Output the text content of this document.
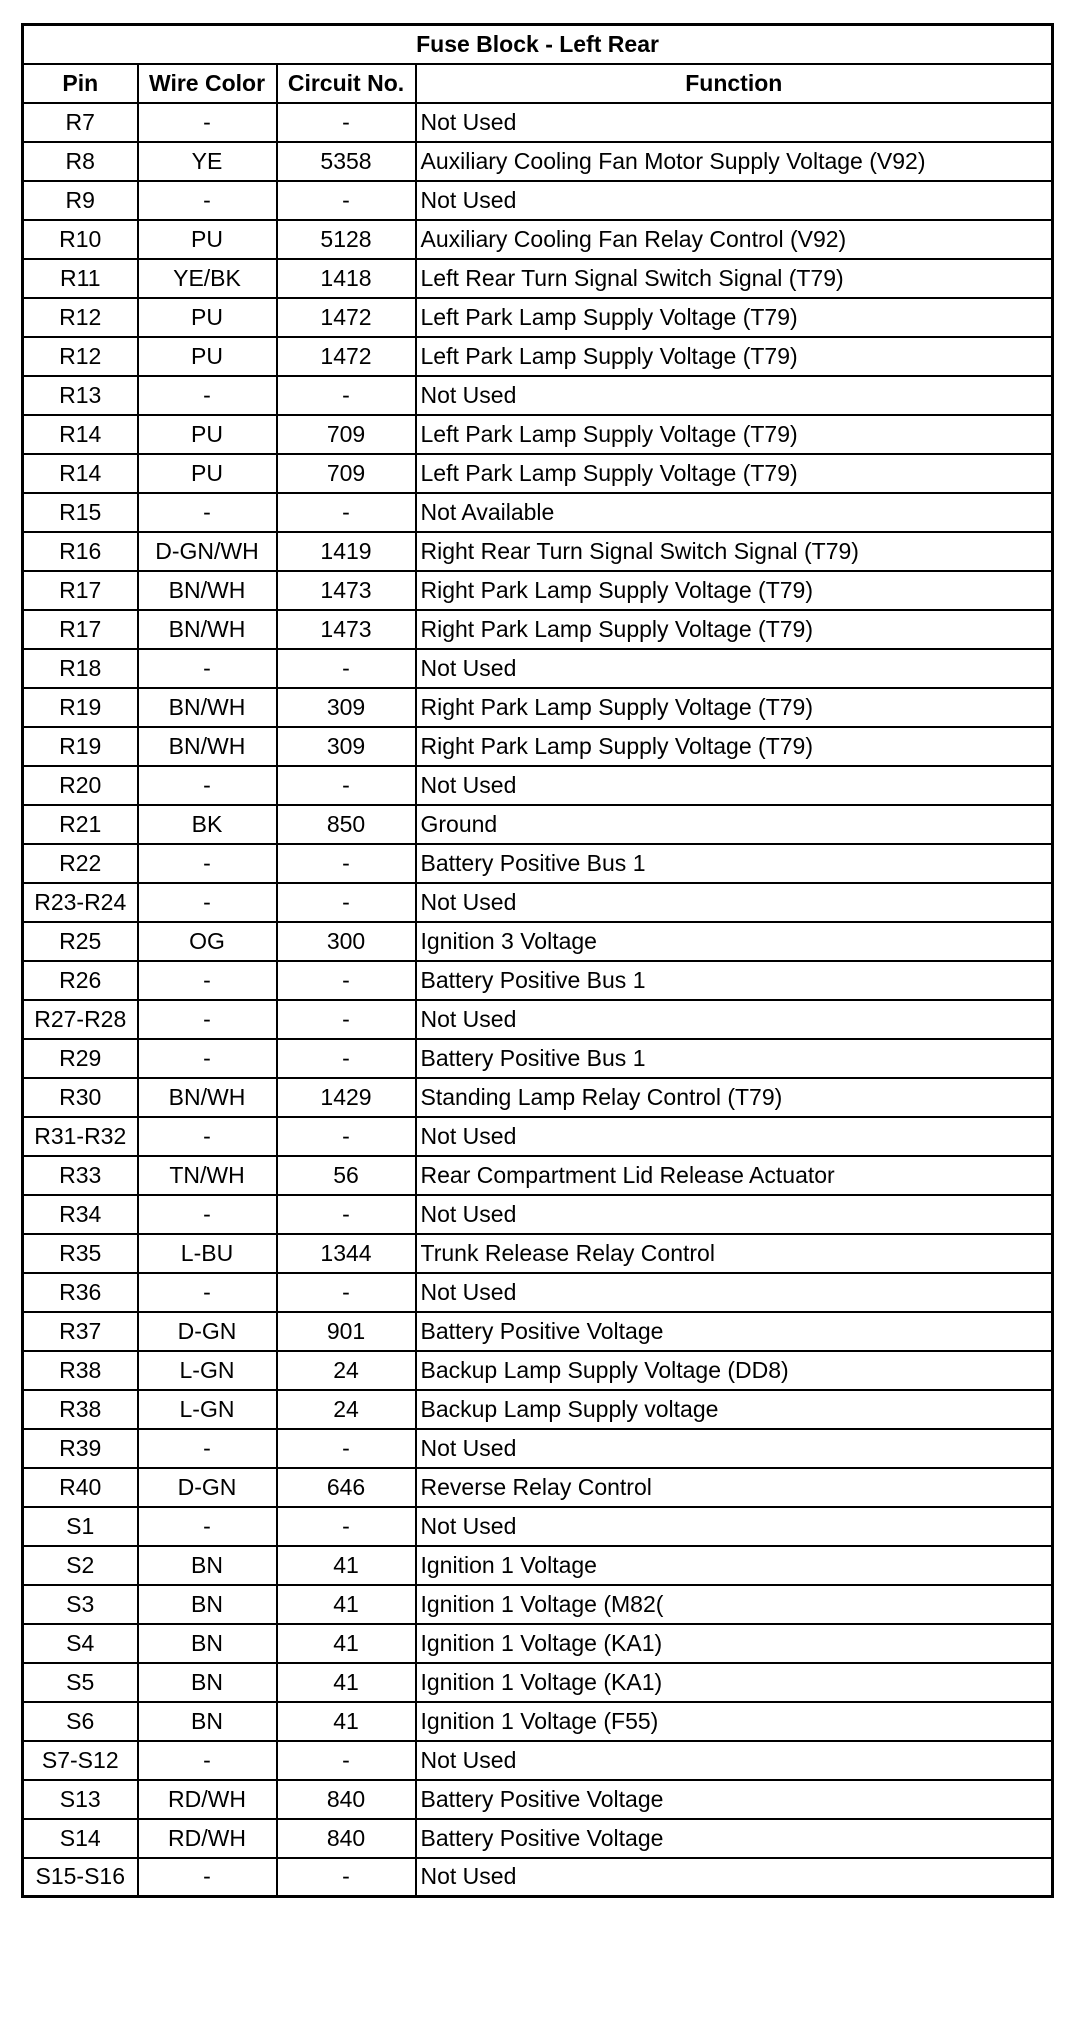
Fuse Block - Left Rear			
Pin	Wire Color	Circuit No.	Function
R7	-	-	Not Used
R8	YE	5358	Auxiliary Cooling Fan Motor Supply Voltage (V92)
R9	-	-	Not Used
R10	PU	5128	Auxiliary Cooling Fan Relay Control (V92)
R11	YE/BK	1418	Left Rear Turn Signal Switch Signal (T79)
R12	PU	1472	Left Park Lamp Supply Voltage (T79)
R12	PU	1472	Left Park Lamp Supply Voltage (T79)
R13	-	-	Not Used
R14	PU	709	Left Park Lamp Supply Voltage (T79)
R14	PU	709	Left Park Lamp Supply Voltage (T79)
R15	-	-	Not Available
R16	D-GN/WH	1419	Right Rear Turn Signal Switch Signal (T79)
R17	BN/WH	1473	Right Park Lamp Supply Voltage (T79)
R17	BN/WH	1473	Right Park Lamp Supply Voltage (T79)
R18	-	-	Not Used
R19	BN/WH	309	Right Park Lamp Supply Voltage (T79)
R19	BN/WH	309	Right Park Lamp Supply Voltage (T79)
R20	-	-	Not Used
R21	BK	850	Ground
R22	-	-	Battery Positive Bus 1
R23-R24	-	-	Not Used
R25	OG	300	Ignition 3 Voltage
R26	-	-	Battery Positive Bus 1
R27-R28	-	-	Not Used
R29	-	-	Battery Positive Bus 1
R30	BN/WH	1429	Standing Lamp Relay Control (T79)
R31-R32	-	-	Not Used
R33	TN/WH	56	Rear Compartment Lid Release Actuator
R34	-	-	Not Used
R35	L-BU	1344	Trunk Release Relay Control
R36	-	-	Not Used
R37	D-GN	901	Battery Positive Voltage
R38	L-GN	24	Backup Lamp Supply Voltage (DD8)
R38	L-GN	24	Backup Lamp Supply voltage
R39	-	-	Not Used
R40	D-GN	646	Reverse Relay Control
S1	-	-	Not Used
S2	BN	41	Ignition 1 Voltage
S3	BN	41	Ignition 1 Voltage (M82(
S4	BN	41	Ignition 1 Voltage (KA1)
S5	BN	41	Ignition 1 Voltage (KA1)
S6	BN	41	Ignition 1 Voltage (F55)
S7-S12	-	-	Not Used
S13	RD/WH	840	Battery Positive Voltage
S14	RD/WH	840	Battery Positive Voltage
S15-S16	-	-	Not Used
